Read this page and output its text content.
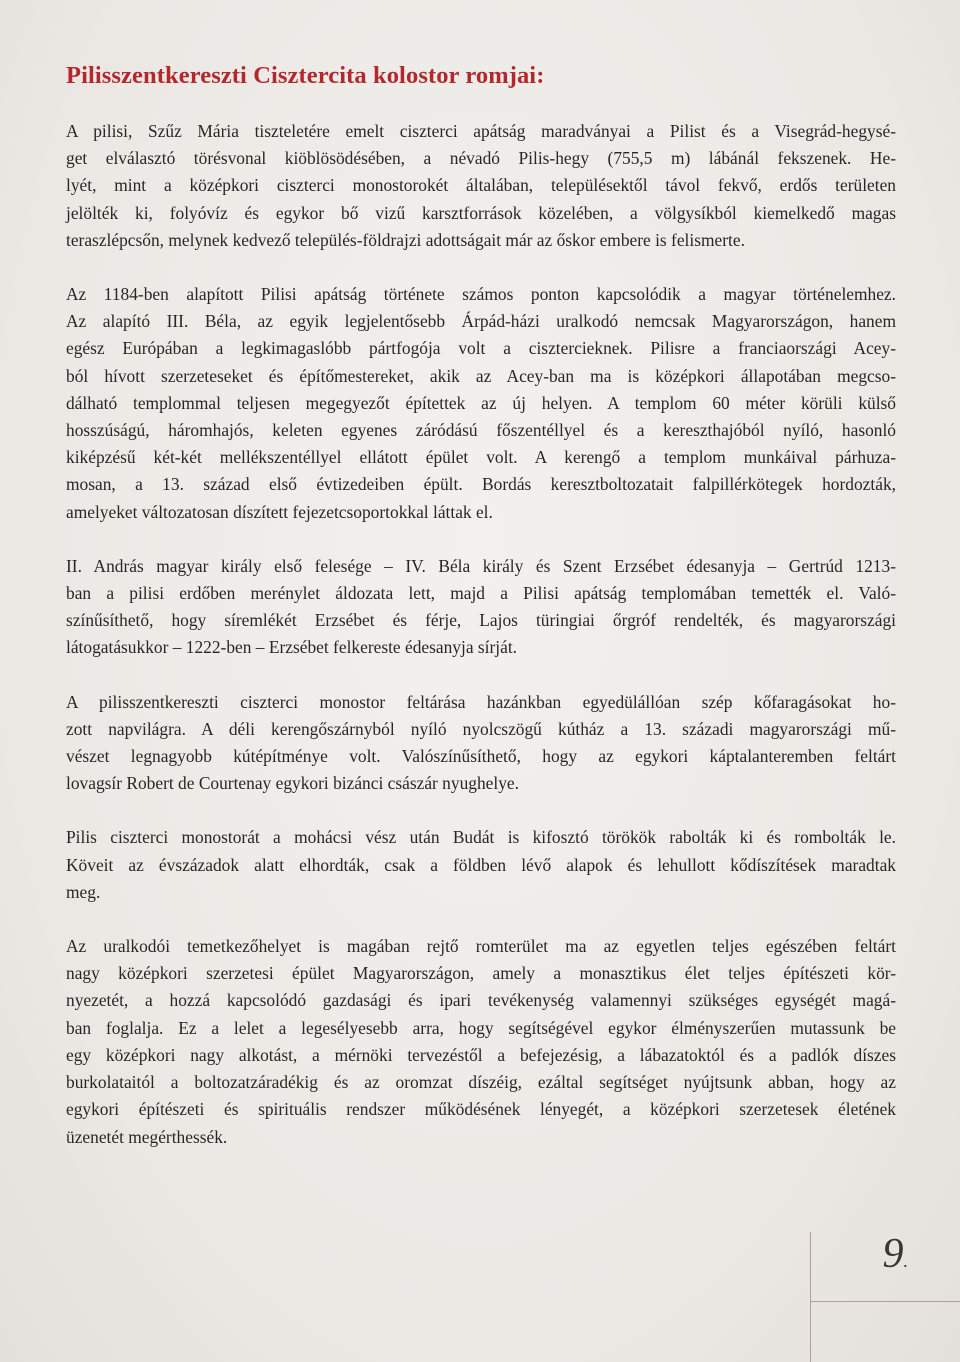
Pilisszentkereszti Cisztercita kolostor romjai:

A pilisi, Szűz Mária tiszteletére emelt ciszterci apátság maradványai a Pilist és a Visegrád-hegysé-
get elválasztó törésvonal kiöblösödésében, a névadó Pilis-hegy (755,5 m) lábánál fekszenek. He-
lyét, mint a középkori ciszterci monostorokét általában, településektől távol fekvő, erdős területen
jelölték ki, folyóvíz és egykor bő vizű karsztforrások közelében, a völgysíkból kiemelkedő magas
teraszlépcsőn, melynek kedvező település-földrajzi adottságait már az őskor embere is felismerte.

Az 1184-ben alapított Pilisi apátság története számos ponton kapcsolódik a magyar történelemhez.
Az alapító III. Béla, az egyik legjelentősebb Árpád-házi uralkodó nemcsak Magyarországon, hanem
egész Európában a legkimagaslóbb pártfogója volt a cisztercieknek. Pilisre a franciaországi Acey-
ból hívott szerzeteseket és építőmestereket, akik az Acey-ban ma is középkori állapotában megcso-
dálható templommal teljesen megegyezőt építettek az új helyen. A templom 60 méter körüli külső
hosszúságú, háromhajós, keleten egyenes záródású főszentéllyel és a kereszthajóból nyíló, hasonló
kiképzésű két-két mellékszentéllyel ellátott épület volt. A kerengő a templom munkáival párhuza-
mosan, a 13. század első évtizedeiben épült. Bordás keresztboltozatait falpillérkötegek hordozták,
amelyeket változatosan díszített fejezetcsoportokkal láttak el.

II. András magyar király első felesége – IV. Béla király és Szent Erzsébet édesanyja – Gertrúd 1213-
ban a pilisi erdőben merénylet áldozata lett, majd a Pilisi apátság templomában temették el. Való-
színűsíthető, hogy síremlékét Erzsébet és férje, Lajos türingiai őrgróf rendelték, és magyarországi
látogatásukkor – 1222-ben – Erzsébet felkereste édesanyja sírját.

A pilisszentkereszti ciszterci monostor feltárása hazánkban egyedülállóan szép kőfaragásokat ho-
zott napvilágra. A déli kerengőszárnyból nyíló nyolcszögű kútház a 13. századi magyarországi mű-
vészet legnagyobb kútépítménye volt. Valószínűsíthető, hogy az egykori káptalanteremben feltárt
lovagsír Robert de Courtenay egykori bizánci császár nyughelye.

Pilis ciszterci monostorát a mohácsi vész után Budát is kifosztó törökök rabolták ki és rombolták le.
Köveit az évszázadok alatt elhordták, csak a földben lévő alapok és lehullott kődíszítések maradtak
meg.

Az uralkodói temetkezőhelyet is magában rejtő romterület ma az egyetlen teljes egészében feltárt
nagy középkori szerzetesi épület Magyarországon, amely a monasztikus élet teljes építészeti kör-
nyezetét, a hozzá kapcsolódó gazdasági és ipari tevékenység valamennyi szükséges egységét magá-
ban foglalja. Ez a lelet a legesélyesebb arra, hogy segítségével egykor élményszerűen mutassunk be
egy középkori nagy alkotást, a mérnöki tervezéstől a befejezésig, a lábazatoktól és a padlók díszes
burkolataitól a boltozatzáradékig és az oromzat díszéig, ezáltal segítséget nyújtsunk abban, hogy az
egykori építészeti és spirituális rendszer működésének lényegét, a középkori szerzetesek életének
üzenetét megérthessék.

9.
